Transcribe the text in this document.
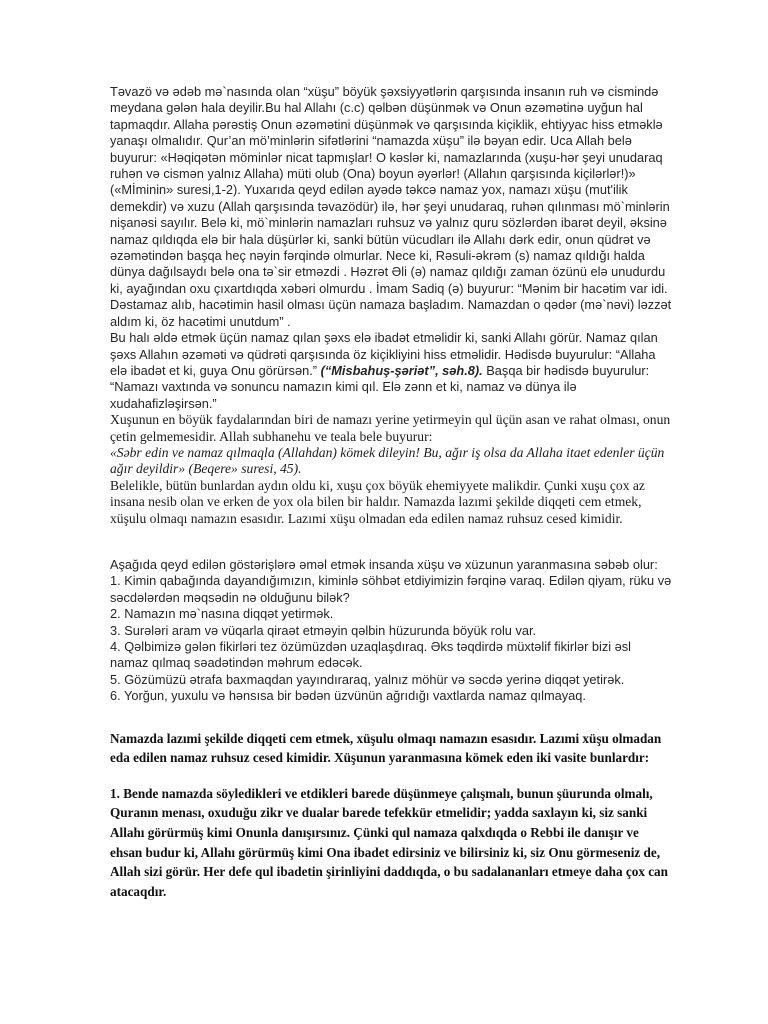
Təvazö və ədəb mə`nasında olan “xüşu” böyük şəxsiyyətlərin qarşısında insanın ruh və cismində meydana gələn hala deyilir.Bu hal Allahı (c.c) qəlbən düşünmək və Onun əzəmətinə uyğun hal tapmaqdır. Allaha pərəstiş Onun əzəmətini düşünmək və qarşısında kiçiklik, ehtiyyac hiss etməklə yanaşı olmalıdır. Qur’an mö’minlərin sifətlərini “namazda xüşu” ilə bəyan edir. Uca Allah belə buyurur: «Həqiqətən möminlər nicat tapmışlar! O kəslər ki, namazlarında (xuşu-hər şeyi unudaraq ruhən və cismən yalnız Allaha) müti olub (Ona) boyun əyərlər! (Allahın qarşısında kiçilərlər!)» («Mİminin» suresi,1-2). Yuxarıda qeyd edilən ayədə təkcə namaz yox, namazı xüşu (mut'ilik demekdir) və xuzu (Allah qarşısında təvazödür) ilə, hər şeyi unudaraq, ruhən qılınması mö`minlərin nişanəsi sayılır. Belə ki, mö`minlərin namazları ruhsuz və yalnız quru sözlərdən ibarət deyil, əksinə namaz qıldıqda elə bir hala düşürlər ki, sanki bütün vücudları ilə Allahı dərk edir, onun qüdrət və əzəmətindən başqa heç nəyin fərqində olmurlar. Nece ki, Rəsuli-əkrəm (s) namaz qıldığı halda dünya dağılsaydı belə ona tə`sir etməzdi . Həzrət Əli (ə) namaz qıldığı zaman özünü elə unudurdu ki, ayağından oxu çıxartdıqda xəbəri olmurdu . İmam Sadiq (ə) buyurur: “Mənim bir hacətim var idi. Dəstamaz alıb, hacətimin hasil olması üçün namaza başladım. Namazdan o qədər (mə`nəvi) ləzzət aldım ki, öz hacətimi unutdum” .

Bu halı əldə etmək üçün namaz qılan şəxs elə ibadət etməlidir ki, sanki Allahı görür. Namaz qılan şəxs Allahın əzəməti və qüdrəti qarşısında öz kiçikliyini hiss etməlidir. Hədisdə buyurulur: “Allaha elə ibadət et ki, guya Onu görürsən.” (“Misbahuş-şəriət”, səh.8). Başqa bir hədisdə buyurulur: “Namazı vaxtında və sonuncu namazın kimi qıl. Elə zənn et ki, namaz və dünya ilə xudahafizləşirsən.”

Xuşunun en böyük faydalarından biri de namazı yerine yetirmeyin qul üçün asan ve rahat olması, onun çetin gelmemesidir. Allah subhanehu ve teala bele buyurur:

«Səbr edin ve namaz qılmaqla (Allahdan) kömek dileyin! Bu, ağır iş olsa da Allaha itaet edenler üçün ağır deyildir» (Beqere» suresi, 45).

Belelikle, bütün bunlardan aydın oldu ki, xuşu çox böyük ehemiyyete malikdir. Çunki xuşu çox az insana nesib olan ve erken de yox ola bilen bir haldır. Namazda lazımi şekilde diqqeti cem etmek, xüşulu olmaqı namazın esasıdır. Lazımi xüşu olmadan eda edilen namaz ruhsuz cesed kimidir.

Aşağıda qeyd edilən göstərişlərə əməl etmək insanda xüşu və xüzunun yaranmasına səbəb olur:

1. Kimin qabağında dayandığımızın, kiminlə söhbət etdiyimizin fərqinə varaq. Edilən qiyam, rüku və səcdələrdən məqsədin nə olduğunu bilək?

2. Namazın mə`nasına diqqət yetirmək.

3. Surələri aram və vüqarla qiraət etməyin qəlbin hüzurunda böyük rolu var.

4. Qəlbimizə gələn fikirləri tez özümüzdən uzaqlaşdıraq. Əks təqdirdə müxtəlif fikirlər bizi əsl namaz qılmaq səadətindən məhrum edəcək.

5. Gözümüzü ətrafa baxmaqdan yayındıraraq, yalnız möhür və səcdə yerinə diqqət yetirək.

6. Yorğun, yuxulu və hənsısa bir bədən üzvünün ağrıdığı vaxtlarda namaz qılmayaq.

Namazda lazımi şekilde diqqeti cem etmek, xüşulu olmaqı namazın esasıdır. Lazımi xüşu olmadan eda edilen namaz ruhsuz cesed kimidir. Xüşunun yaranmasına kömek eden iki vasite bunlardır:

1. Bende namazda söyledikleri ve etdikleri barede düşünmeye çalışmalı, bunun şüurunda olmalı, Quranın menası, oxuduğu zikr ve dualar barede tefekkür etmelidir; yadda saxlayın ki, siz sanki Allahı görürmüş kimi Onunla danışırsınız. Çünki qul namaza qalxdıqda o Rebbi ile danışır ve ehsan budur ki, Allahı görürmüş kimi Ona ibadet edirsiniz ve bilirsiniz ki, siz Onu görmeseniz de, Allah sizi görür. Her defe qul ibadetin şirinliyini daddıqda, o bu sadalananları etmeye daha çox can atacaqdır.
